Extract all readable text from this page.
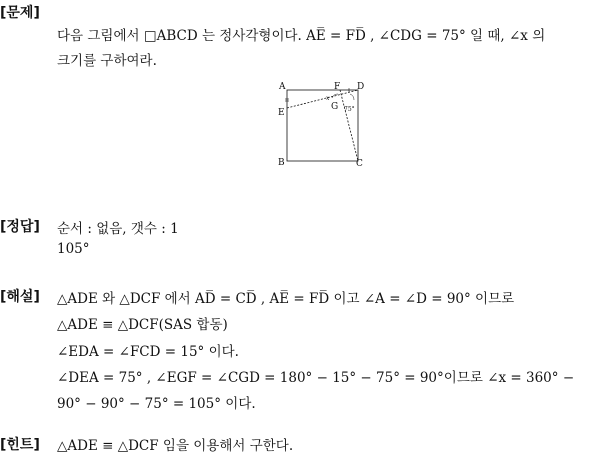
[문제]
다음 그림에서 □ABCD 는 정사각형이다. AE̅ = FD̅ , ∠CDG = 75° 일 때, ∠x 의
크기를 구하여라.
A
B	C
D
E
F
G
x
75°
[정답] 순서 : 없음, 갯수 : 1
105°
[해설] △ADE 와 △DCF 에서 AD̅ = CD̅ , AE̅ = FD̅ 이고 ∠A = ∠D = 90° 이므로
△ADE ≡ △DCF(SAS 합동)
∠EDA = ∠FCD = 15° 이다.
∠DEA = 75° , ∠EGF = ∠CGD = 180° − 15° − 75° = 90°이므로 ∠x = 360° −
90° − 90° − 75° = 105° 이다.
[힌트] △ADE ≡ △DCF 임을 이용해서 구한다.
